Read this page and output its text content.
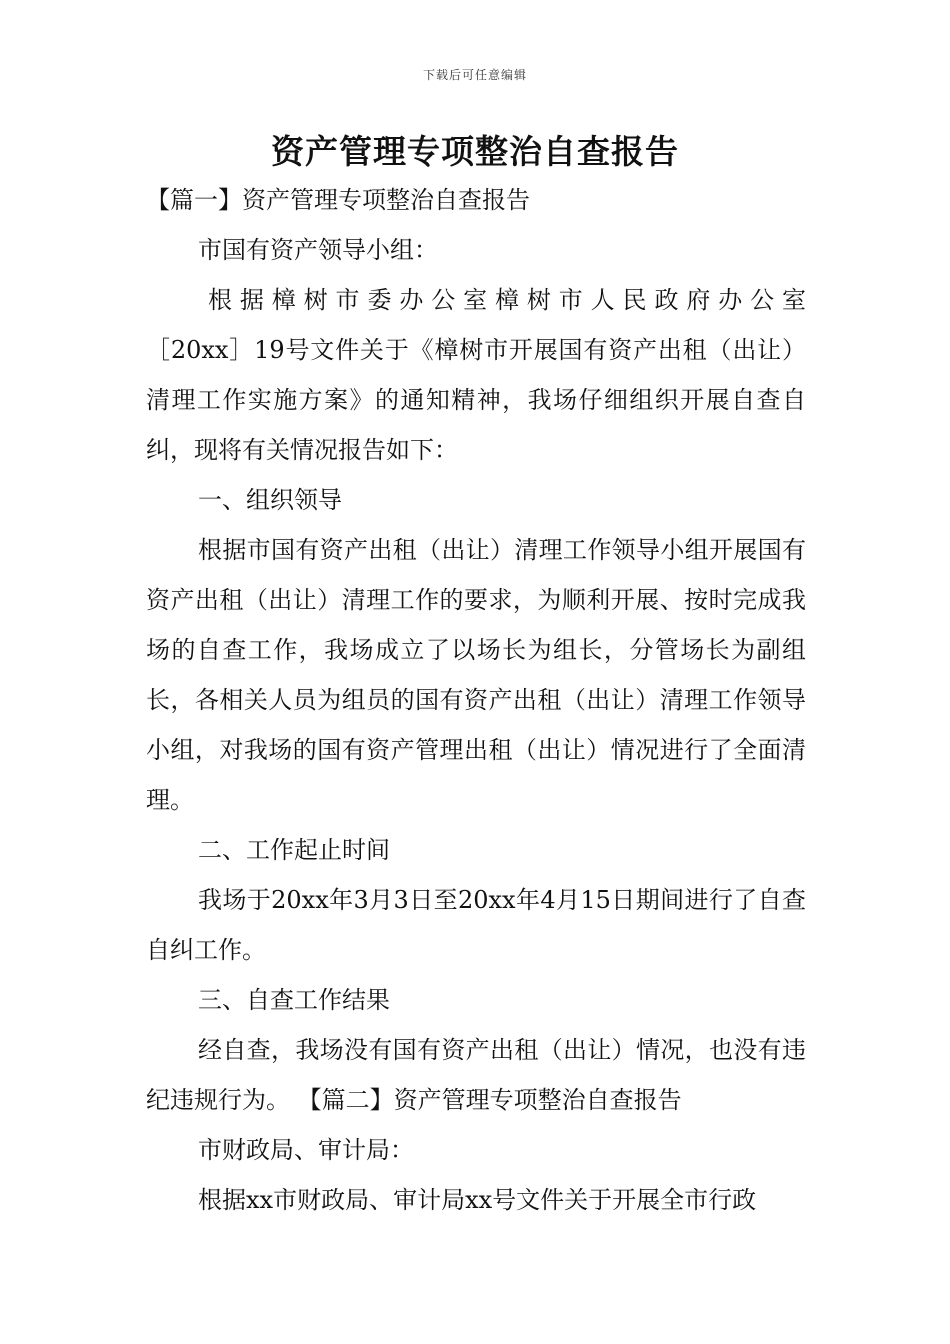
下载后可任意编辑
资产管理专项整治自查报告

【篇一】资产管理专项整治自查报告

市国有资产领导小组：

根据樟树市委办公室樟树市人民政府办公室

［20xx］19号文件关于《樟树市开展国有资产出租（出让）清理工作实施方案》的通知精神，我场仔细组织开展自查自纠，现将有关情况报告如下：

一、组织领导

根据市国有资产出租（出让）清理工作领导小组开展国有资产出租（出让）清理工作的要求，为顺利开展、按时完成我场的自查工作，我场成立了以场长为组长，分管场长为副组长，各相关人员为组员的国有资产出租（出让）清理工作领导小组，对我场的国有资产管理出租（出让）情况进行了全面清理。

二、工作起止时间

我场于20xx年3月3日至20xx年4月15日期间进行了自查自纠工作。

三、自查工作结果

经自查，我场没有国有资产出租（出让）情况，也没有违纪违规行为。 【篇二】资产管理专项整治自查报告

市财政局、审计局：

根据xx市财政局、审计局xx号文件关于开展全市行政
